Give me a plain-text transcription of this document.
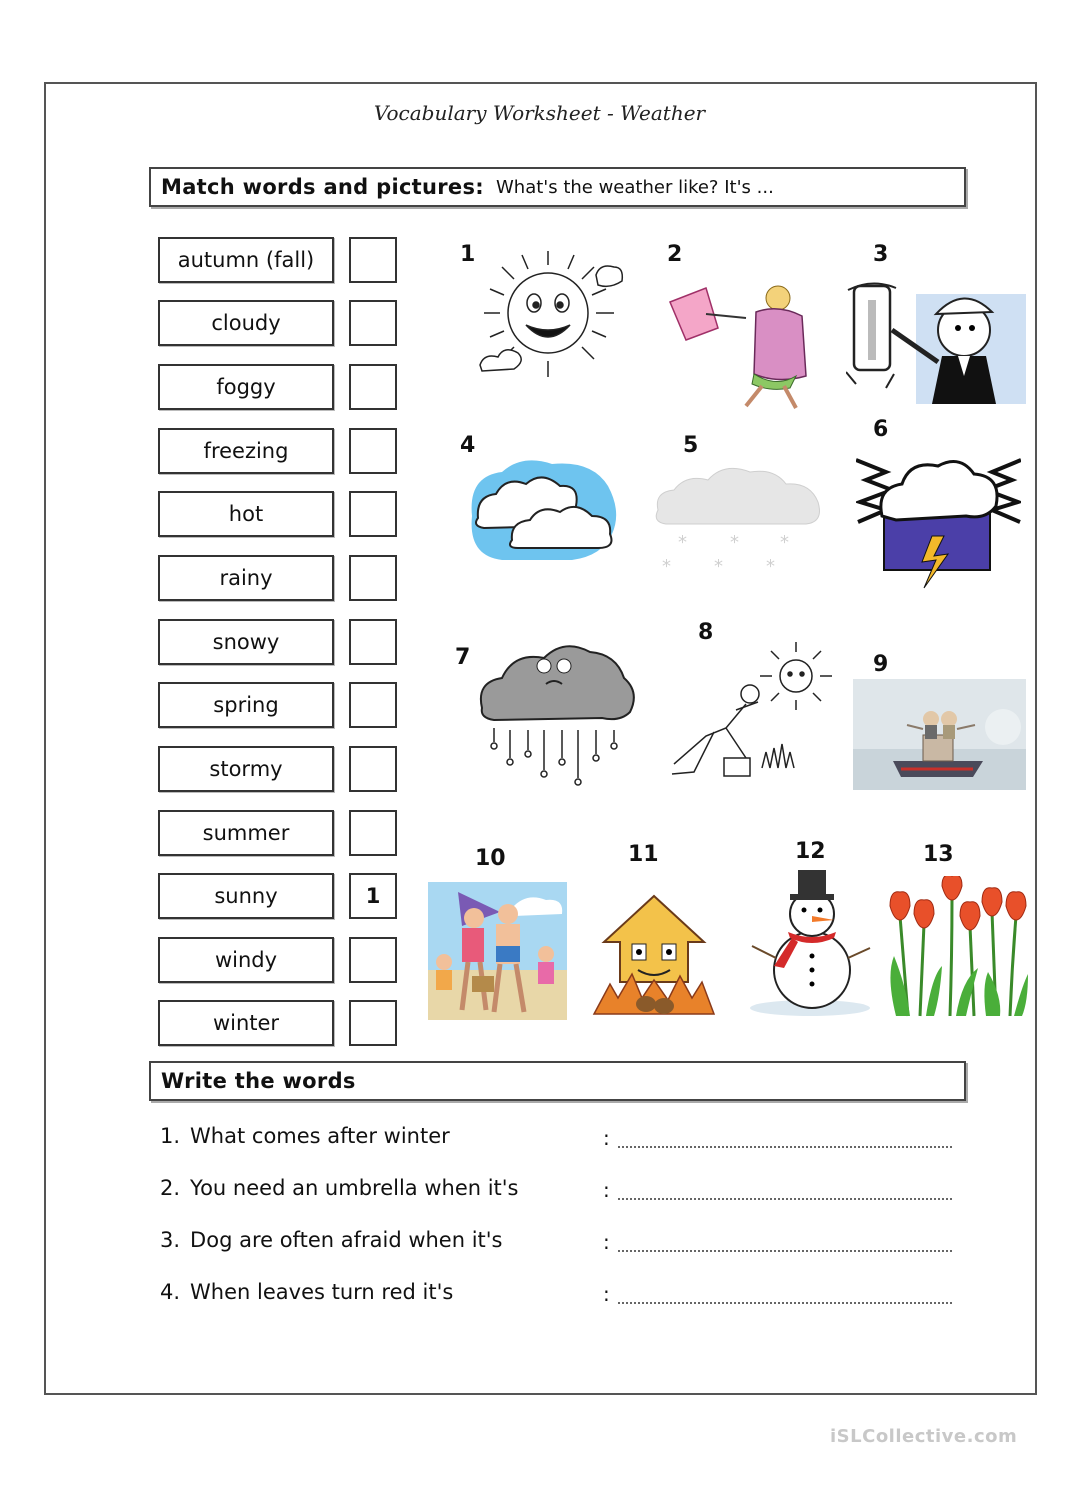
Vocabulary Worksheet - Weather
Match words and pictures: What's the weather like? It's ...
autumn (fall)
cloudy
foggy
freezing
hot
rainy
snowy
spring
stormy
summer
sunny	1
windy
winter
1	2	3
4	5
* * *
* * *
6
7
8
9
10	11	12	13
Write the words
1. What comes after winter	:
2. You need an umbrella when it's	:
3. Dog are often afraid when it's	:
4. When leaves turn red it's	:
iSLCollective.com
